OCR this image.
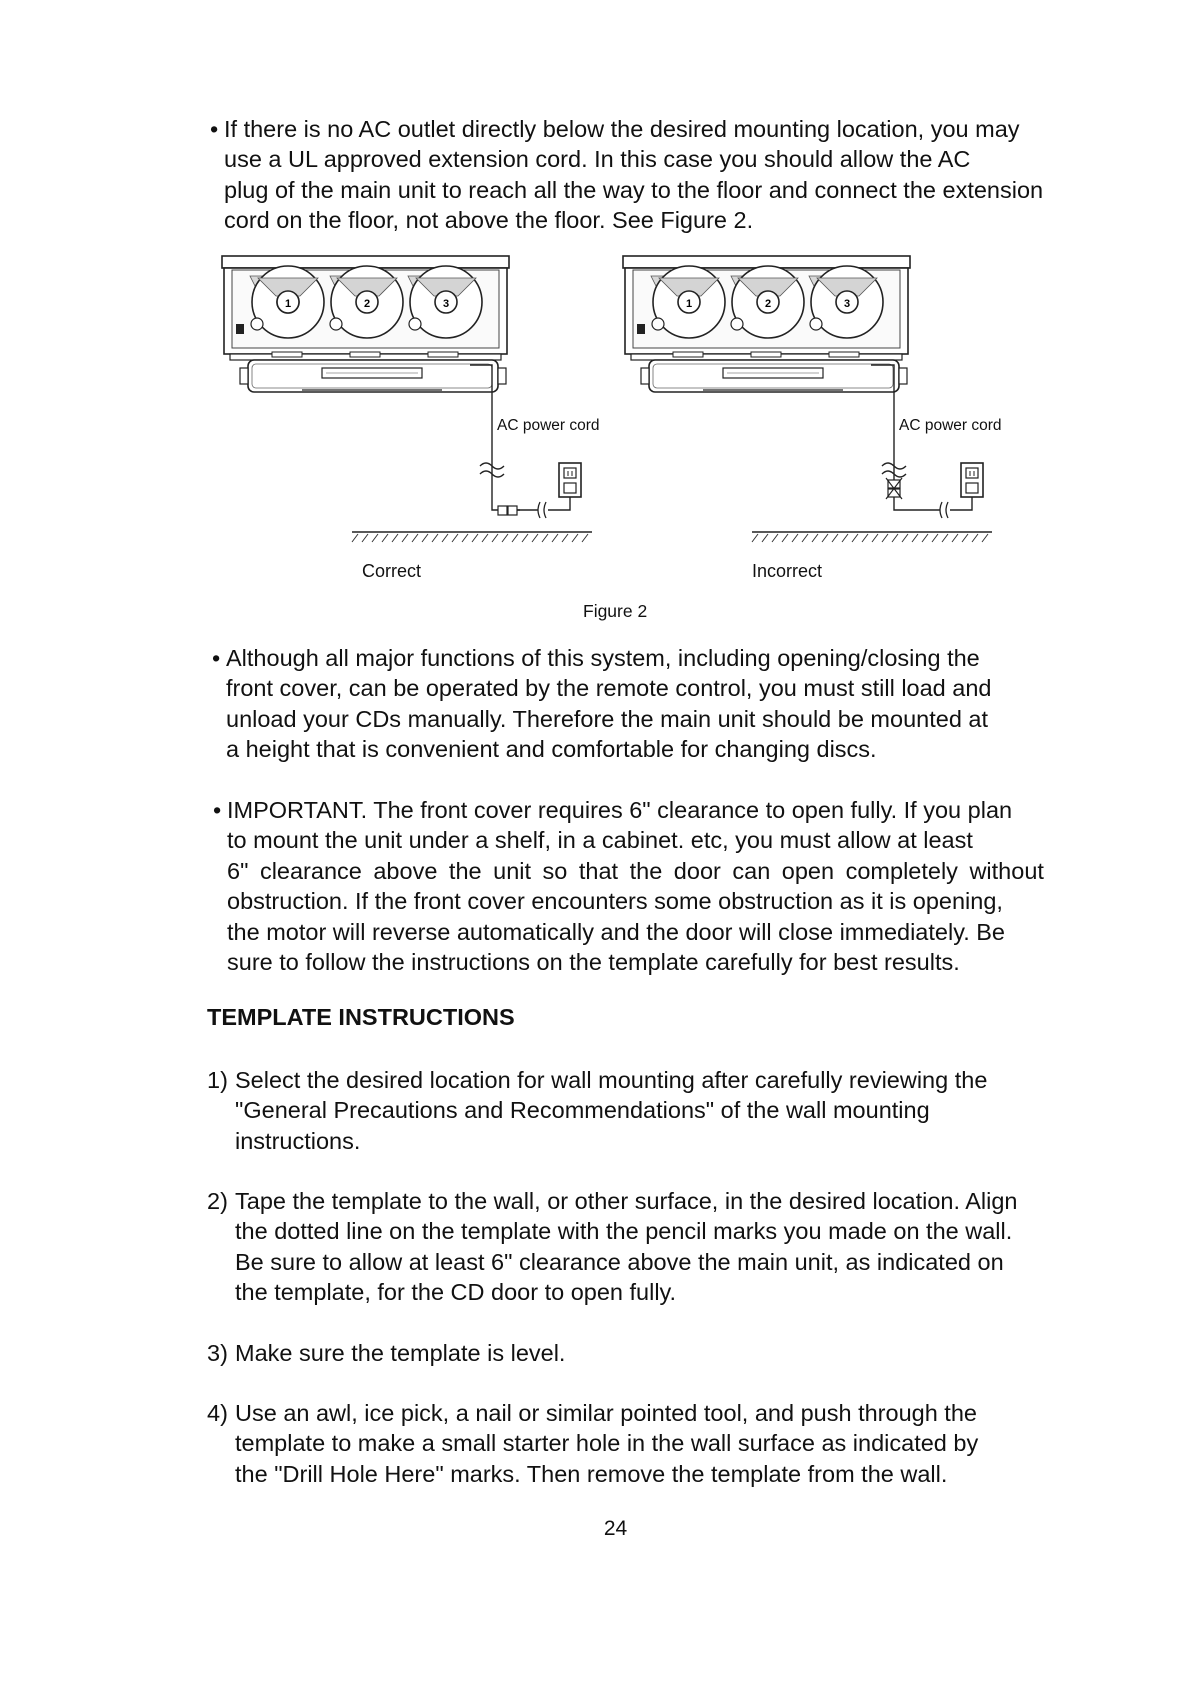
• If there is no AC outlet directly below the desired mounting location, you may
use a UL approved extension cord. In this case you should allow the AC
plug of the main unit to reach all the way to the floor and connect the extension
cord on the floor, not above the floor. See Figure 2.
1	2	3
AC power cord
1	2	3
AC power cord
Correct	Incorrect
Figure 2
• Although all major functions of this system, including opening/closing the
front cover, can be operated by the remote control, you must still load and
unload your CDs manually. Therefore the main unit should be mounted at
a height that is convenient and comfortable for changing discs.
• IMPORTANT. The front cover requires 6" clearance to open fully. If you plan
to mount the unit under a shelf, in a cabinet. etc, you must allow at least
6" clearance above the unit so that the door can open completely without
obstruction. If the front cover encounters some obstruction as it is opening,
the motor will reverse automatically and the door will close immediately. Be
sure to follow the instructions on the template carefully for best results.
TEMPLATE INSTRUCTIONS
1) Select the desired location for wall mounting after carefully reviewing the
"General Precautions and Recommendations" of the wall mounting
instructions.
2) Tape the template to the wall, or other surface, in the desired location. Align
the dotted line on the template with the pencil marks you made on the wall.
Be sure to allow at least 6" clearance above the main unit, as indicated on
the template, for the CD door to open fully.
3) Make sure the template is level.
4) Use an awl, ice pick, a nail or similar pointed tool, and push through the
template to make a small starter hole in the wall surface as indicated by
the "Drill Hole Here" marks. Then remove the template from the wall.
24
